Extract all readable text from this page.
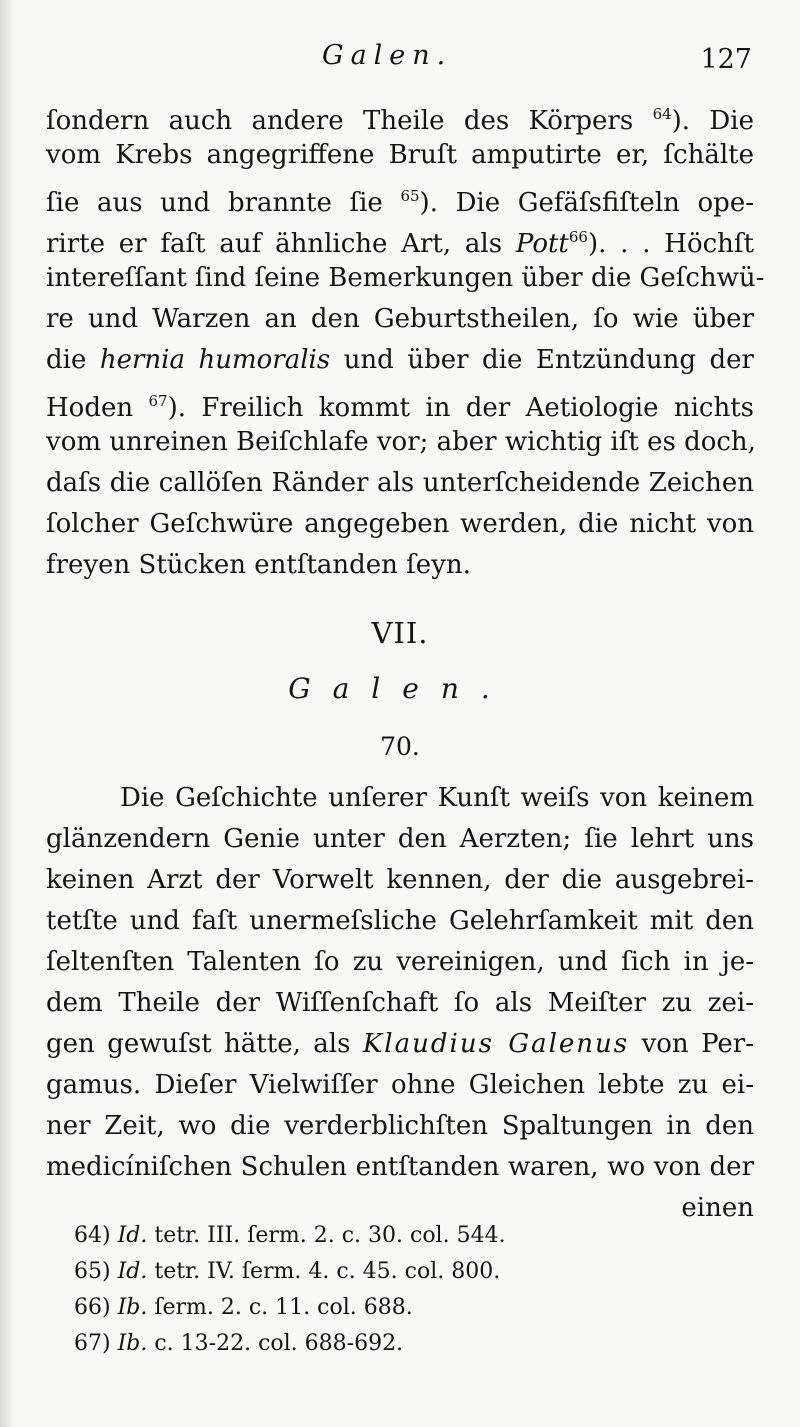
Galen.	127
ſondern auch andere Theile des Körpers $^{64}$). Die
vom Krebs angegriffene Bruſt amputirte er, ſchälte
ſie aus und brannte ſie $^{65}$). Die Gefäſsfiſteln ope-
rirte er faſt auf ähnliche Art, als Pott$^{66}$). . . Höchſt
intereſſant ſind ſeine Bemerkungen über die Geſchwü-
re und Warzen an den Geburtstheilen, ſo wie über
die hernia humoralis und über die Entzündung der
Hoden $^{67}$). Freilich kommt in der Aetiologie nichts
vom unreinen Beiſchlafe vor; aber wichtig iſt es doch,
daſs die callöſen Ränder als unterſcheidende Zeichen
ſolcher Geſchwüre angegeben werden, die nicht von
freyen Stücken entſtanden ſeyn.
VII.
Galen.
70.
Die Geſchichte unſerer Kunſt weiſs von keinem
glänzendern Genie unter den Aerzten; ſie lehrt uns
keinen Arzt der Vorwelt kennen, der die ausgebrei-
tetſte und faſt unermeſsliche Gelehrſamkeit mit den
ſeltenſten Talenten ſo zu vereinigen, und ſich in je-
dem Theile der Wiſſenſchaft ſo als Meiſter zu zei-
gen gewuſst hätte, als Klaudius Galenus von Per-
gamus. Dieſer Vielwiſſer ohne Gleichen lebte zu ei-
ner Zeit, wo die verderblichſten Spaltungen in den
medicíniſchen Schulen entſtanden waren, wo von der
einen
64) Id. tetr. III. ſerm. 2. c. 30. col. 544.
65) Id. tetr. IV. ſerm. 4. c. 45. col. 800.
66) Ib. ſerm. 2. c. 11. col. 688.
67) Ib. c. 13-22. col. 688-692.
